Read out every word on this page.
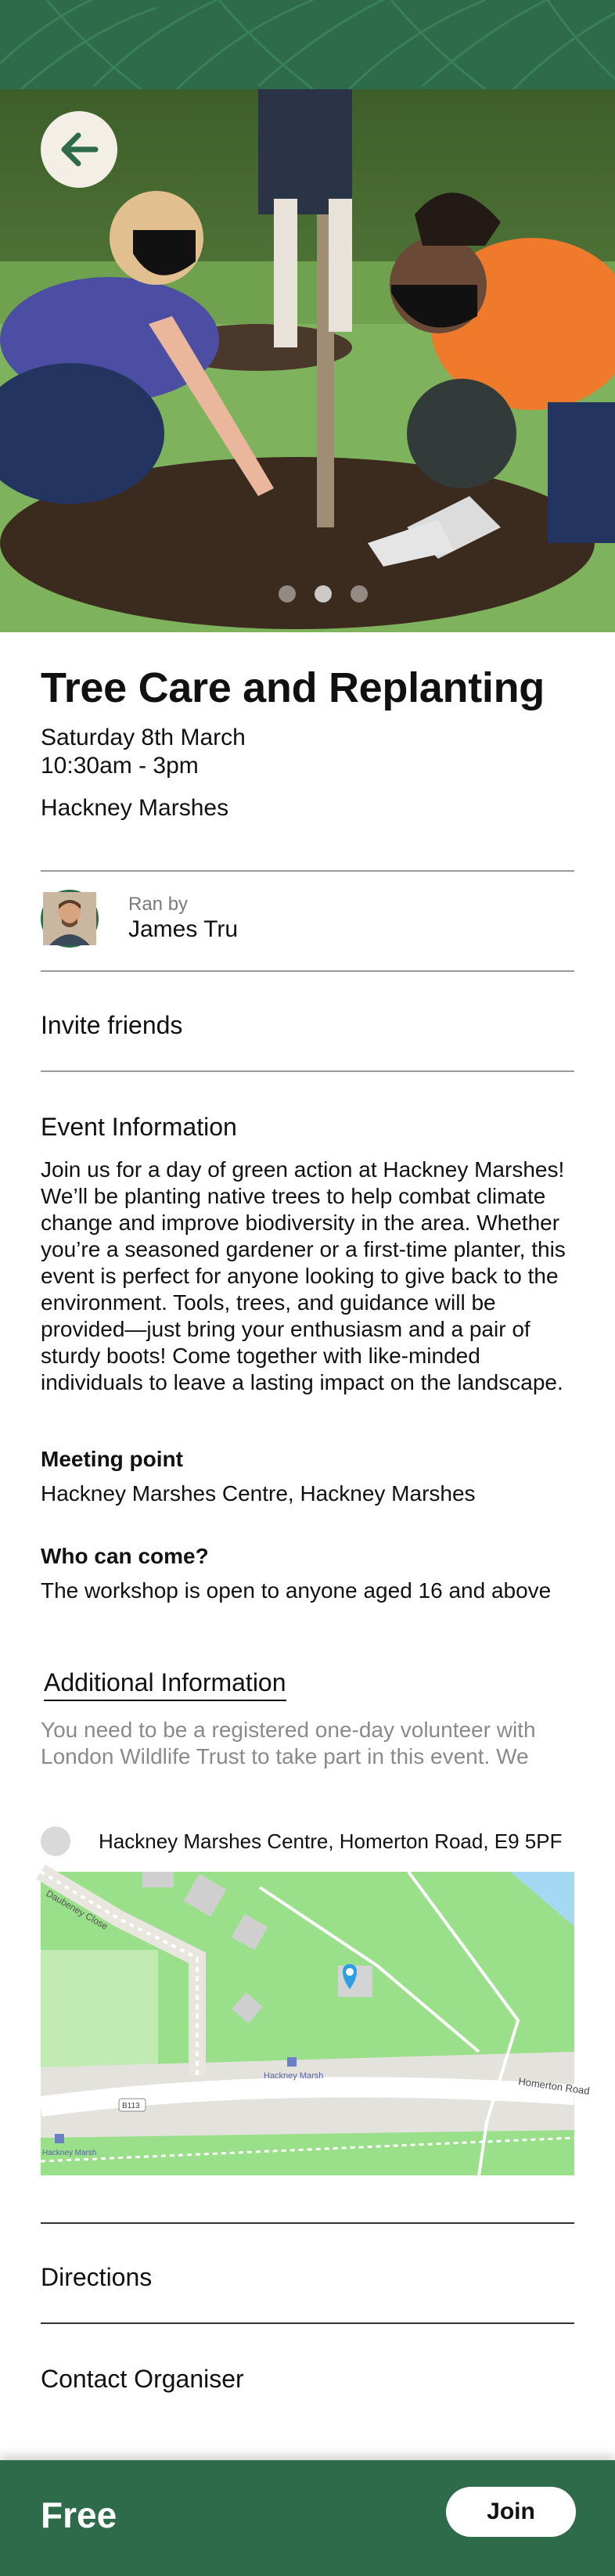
Tree Care and Replanting
Saturday 8th March
10:30am - 3pm
Hackney Marshes
Ran by
James Tru
Invite friends
Event Information
Join us for a day of green action at Hackney Marshes! We’ll be planting native trees to help combat climate change and improve biodiversity in the area. Whether you’re a seasoned gardener or a first-time planter, this event is perfect for anyone looking to give back to the environment. Tools, trees, and guidance will be provided—just bring your enthusiasm and a pair of sturdy boots! Come together with like-minded individuals to leave a lasting impact on the landscape.
Meeting point
Hackney Marshes Centre, Hackney Marshes
Who can come?
The workshop is open to anyone aged 16 and above
Additional Information
You need to be a registered one-day volunteer with London Wildlife Trust to take part in this event. We
Hackney Marshes Centre, Homerton Road, E9 5PF
Daubeney Close
Hackney Marsh	Homerton Road
B113
Hackney Marsh
Directions
Contact Organiser
Free	Join
